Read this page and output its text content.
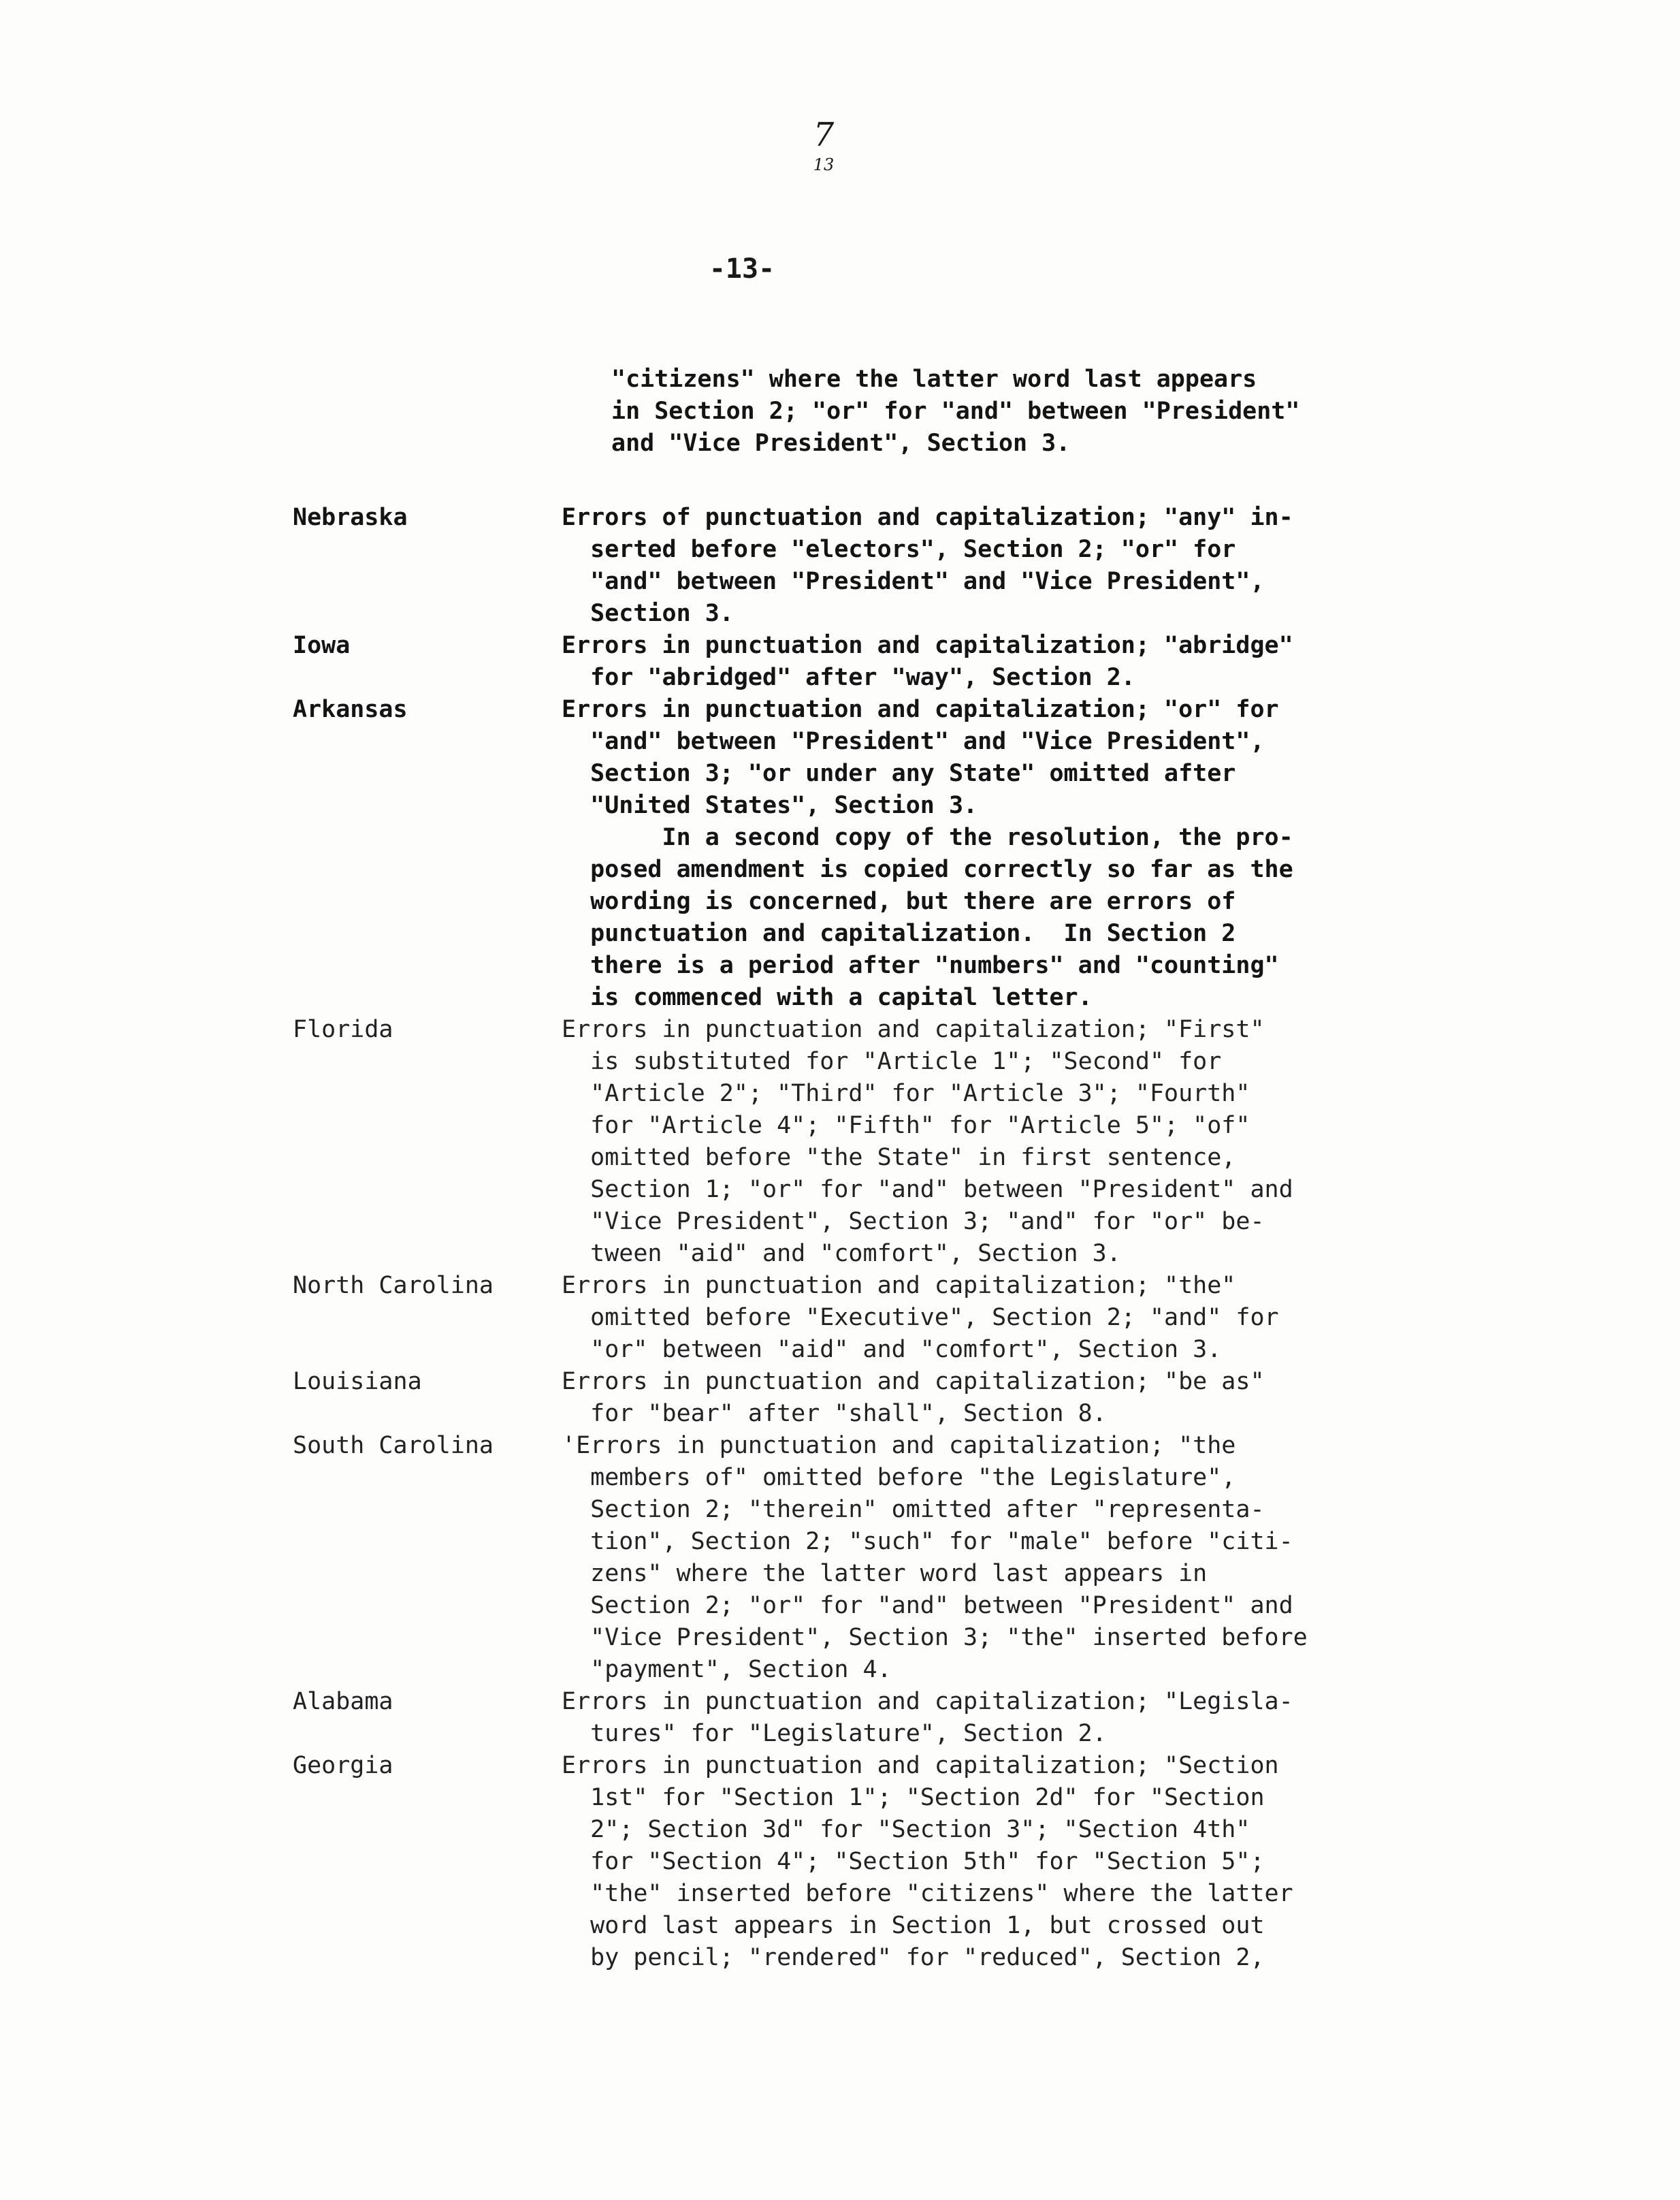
7
13
-13-
"citizens" where the latter word last appears
in Section 2; "or" for "and" between "President"
and "Vice President", Section 3.
Nebraska	Errors of punctuation and capitalization; "any" in-
serted before "electors", Section 2; "or" for
"and" between "President" and "Vice President",
Section 3.
Iowa	Errors in punctuation and capitalization; "abridge"
for "abridged" after "way", Section 2.
Arkansas	Errors in punctuation and capitalization; "or" for
"and" between "President" and "Vice President",
Section 3; "or under any State" omitted after
"United States", Section 3.
In a second copy of the resolution, the pro-
posed amendment is copied correctly so far as the
wording is concerned, but there are errors of
punctuation and capitalization.  In Section 2
there is a period after "numbers" and "counting"
is commenced with a capital letter.
Florida	Errors in punctuation and capitalization; "First"
is substituted for "Article 1"; "Second" for
"Article 2"; "Third" for "Article 3"; "Fourth"
for "Article 4"; "Fifth" for "Article 5"; "of"
omitted before "the State" in first sentence,
Section 1; "or" for "and" between "President" and
"Vice President", Section 3; "and" for "or" be-
tween "aid" and "comfort", Section 3.
North Carolina	Errors in punctuation and capitalization; "the"
omitted before "Executive", Section 2; "and" for
"or" between "aid" and "comfort", Section 3.
Louisiana	Errors in punctuation and capitalization; "be as"
for "bear" after "shall", Section 8.
South Carolina	'Errors in punctuation and capitalization; "the
members of" omitted before "the Legislature",
Section 2; "therein" omitted after "representa-
tion", Section 2; "such" for "male" before "citi-
zens" where the latter word last appears in
Section 2; "or" for "and" between "President" and
"Vice President", Section 3; "the" inserted before
"payment", Section 4.
Alabama	Errors in punctuation and capitalization; "Legisla-
tures" for "Legislature", Section 2.
Georgia	Errors in punctuation and capitalization; "Section
1st" for "Section 1"; "Section 2d" for "Section
2"; Section 3d" for "Section 3"; "Section 4th"
for "Section 4"; "Section 5th" for "Section 5";
"the" inserted before "citizens" where the latter
word last appears in Section 1, but crossed out
by pencil; "rendered" for "reduced", Section 2,
